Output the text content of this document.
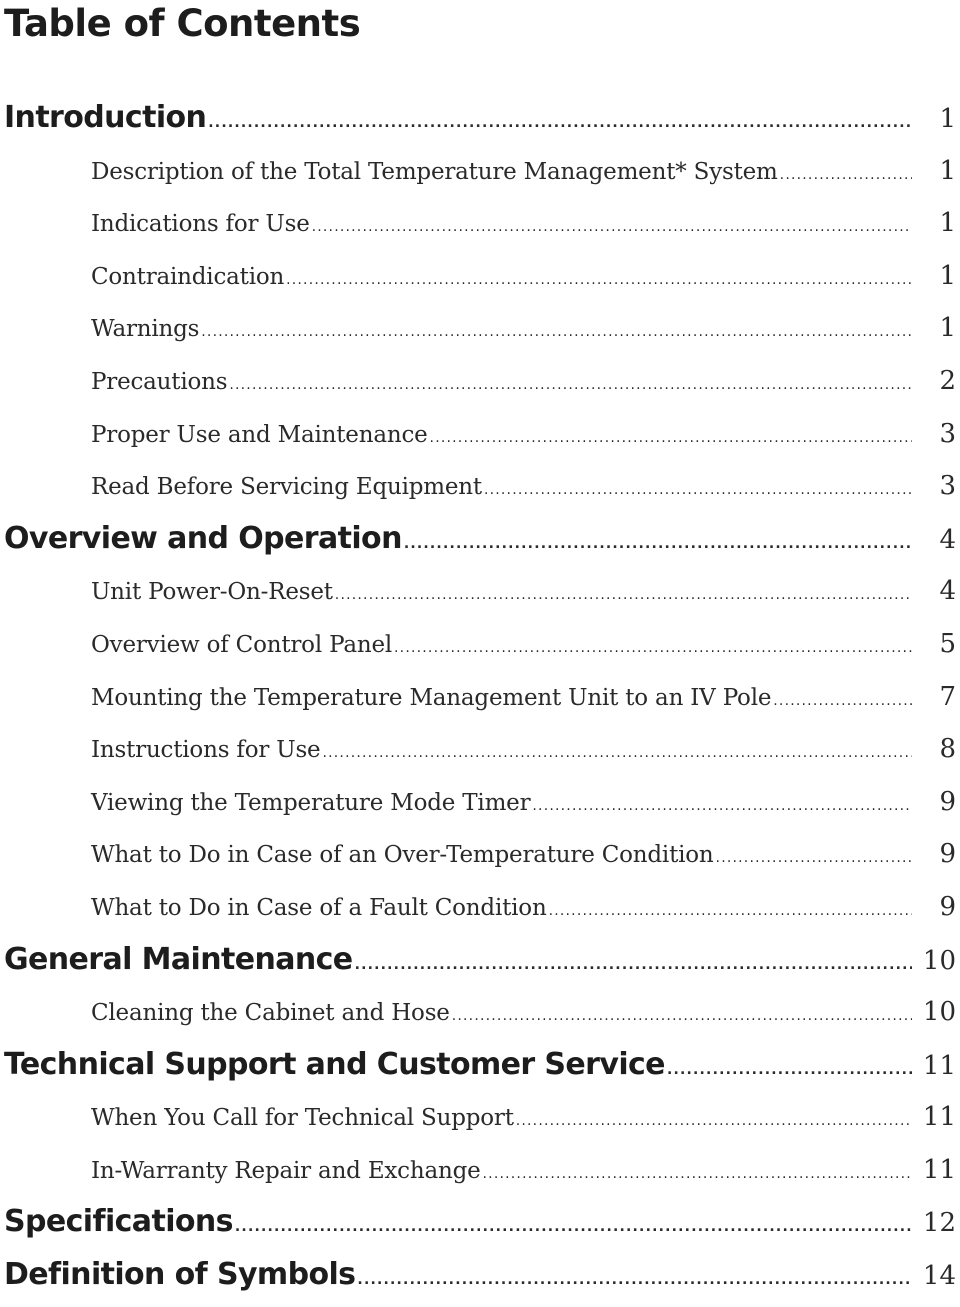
Table of Contents
Introduction .....	1
Description of the Total Temperature Management* System .....	1
Indications for Use .....	1
Contraindication .....	1
Warnings .....	1
Precautions .....	2
Proper Use and Maintenance .....	3
Read Before Servicing Equipment .....	3
Overview and Operation .....	4
Unit Power-On-Reset .....	4
Overview of Control Panel .....	5
Mounting the Temperature Management Unit to an IV Pole .....	7
Instructions for Use .....	8
Viewing the Temperature Mode Timer .....	9
What to Do in Case of an Over-Temperature Condition .....	9
What to Do in Case of a Fault Condition .....	9
General Maintenance .....	10
Cleaning the Cabinet and Hose .....	10
Technical Support and Customer Service .....	11
When You Call for Technical Support .....	11
In-Warranty Repair and Exchange .....	11
Specifications .....	12
Definition of Symbols .....	14
